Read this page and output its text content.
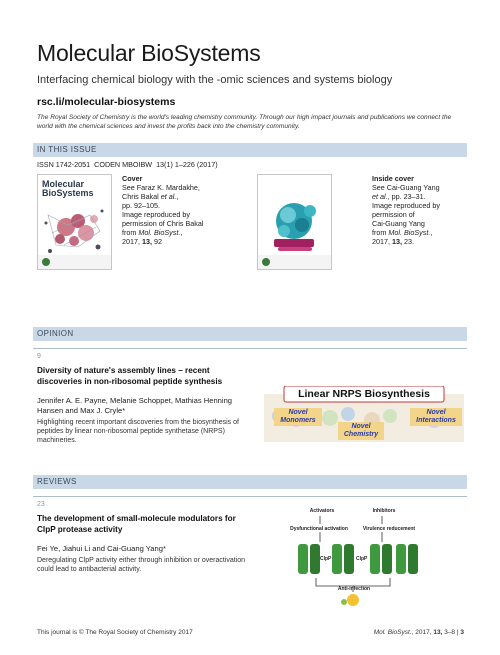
Molecular BioSystems
Interfacing chemical biology with the -omic sciences and systems biology
rsc.li/molecular-biosystems
The Royal Society of Chemistry is the world's leading chemistry community. Through our high impact journals and publications we connect the world with the chemical sciences and invest the profits back into the chemistry community.
IN THIS ISSUE
ISSN 1742-2051 CODEN MBOIBW 13(1) 1–226 (2017)
Molecular BioSystems
Cover
See Faraz K. Mardakhe,
Chris Bakal et al.,
pp. 92–105.
Image reproduced by
permission of Chris Bakal
from Mol. BioSyst.,
2017, 13, 92
Inside cover
See Cai-Guang Yang
et al., pp. 23–31.
Image reproduced by
permission of
Cai-Guang Yang
from Mol. BioSyst.,
2017, 13, 23.
OPINION
9
Diversity of nature's assembly lines – recent discoveries in non-ribosomal peptide synthesis
Jennifer A. E. Payne, Melanie Schoppet, Mathias Henning Hansen and Max J. Cryle*
Highlighting recent important discoveries from the biosynthesis of peptides by linear non-ribosomal peptide synthetase (NRPS) machineries.
Linear NRPS Biosynthesis
Novel
Monomers
Novel
Chemistry
Novel
Interactions
REVIEWS
23
The development of small-molecule modulators for ClpP protease activity
Fei Ye, Jiahui Li and Cai-Guang Yang*
Deregulating ClpP activity either through inhibition or overactivation could lead to antibacterial activity.
Activators	Inhibitors
Dysfunctional activation	Virulence reducement
ClpP	ClpP
Anti-infection
This journal is © The Royal Society of Chemistry 2017	Mol. BioSyst., 2017, 13, 3–8 | 3
